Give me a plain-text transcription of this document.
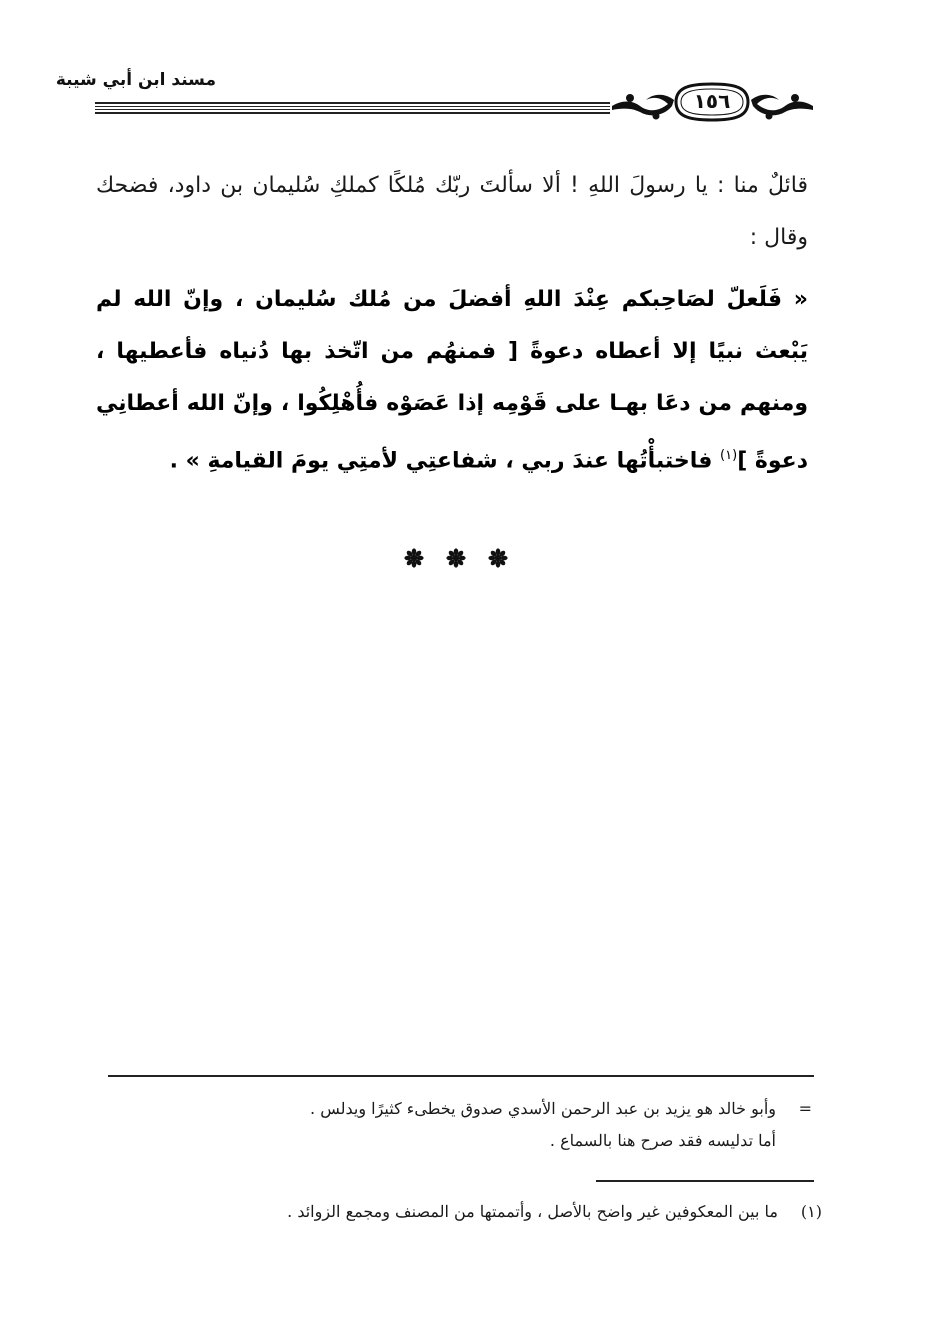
١٥٦
مسند ابن أبي شيبة

قائلٌ منا : يا رسولَ اللهِ ! ألا سألتَ ربّك مُلكًا كملكِ سُليمان بن داود، فضحك وقال :

« فَلَعلّ لصَاحِبكم عِنْدَ اللهِ أفضلَ من مُلك سُليمان ، وإنّ الله لم يَبْعث نبيًا إلا أعطاه دعوةً [ فمنهُم من اتّخذ بها دُنياه فأعطيها ، ومنهم من دعَا بهـا على قَوْمِه إذا عَصَوْه فأُهْلِكُوا ، وإنّ الله أعطانِي دعوةً ]$^{(١)}$ فاختبأْتُها عندَ ربي ، شفاعتِي لأمتِي يومَ القيامةِ » .

=وأبو خالد هو يزيد بن عبد الرحمن الأسدي صدوق يخطىء كثيرًا ويدلس .
أما تدليسه فقد صرح هنا بالسماع .
(١)ما بين المعكوفين غير واضح بالأصل ، وأتممتها من المصنف ومجمع الزوائد .
